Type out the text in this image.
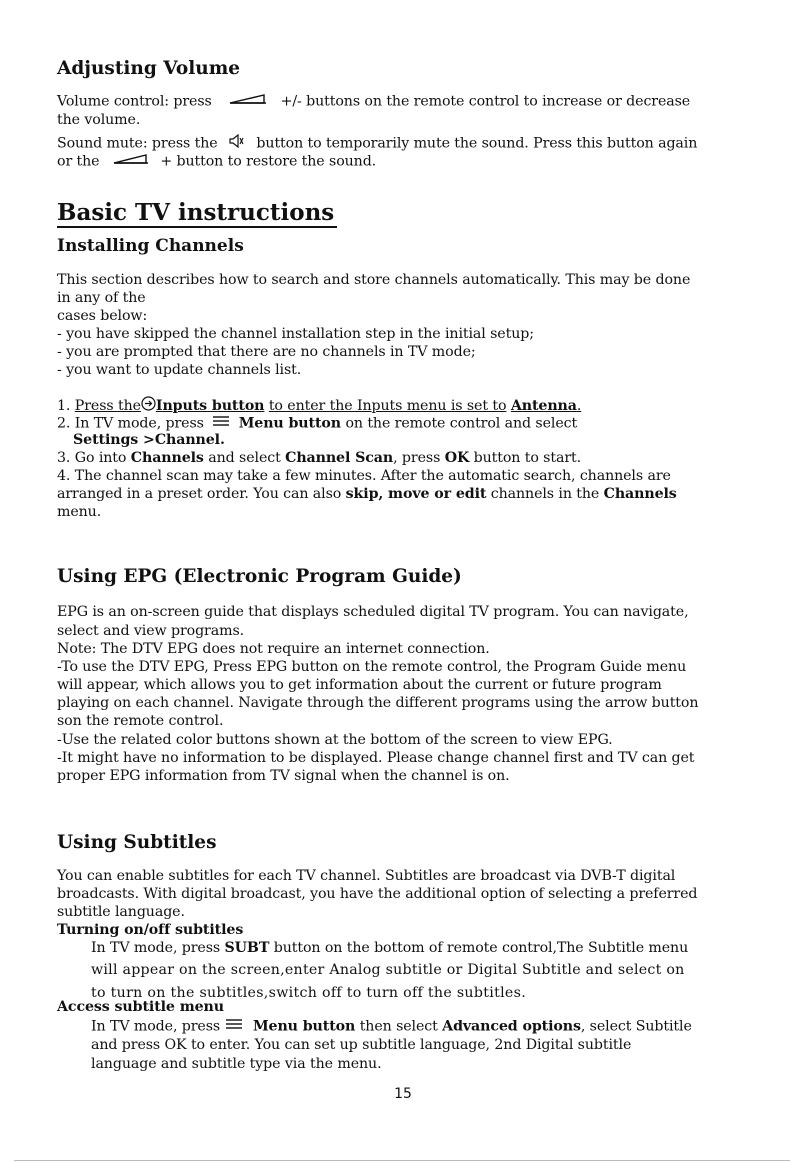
Adjusting Volume
Volume control: press	+/- buttons on the remote control to increase or decrease
the volume.
Sound mute: press the	button to temporarily mute the sound. Press this button again
or the	+ button to restore the sound.
Basic TV instructions
Installing Channels
This section describes how to search and store channels automatically. This may be done
in any of the
cases below:
- you have skipped the channel installation step in the initial setup;
- you are prompted that there are no channels in TV mode;
- you want to update channels list.
1. Press the Inputs button to enter the Inputs menu is set to Antenna.
2. In TV mode, press Menu button on the remote control and select
Settings >Channel.
3. Go into Channels and select Channel Scan, press OK button to start.
4. The channel scan may take a few minutes. After the automatic search, channels are
arranged in a preset order. You can also skip, move or edit channels in the Channels
menu.
Using EPG (Electronic Program Guide)
EPG is an on-screen guide that displays scheduled digital TV program. You can navigate,
select and view programs.
Note: The DTV EPG does not require an internet connection.
-To use the DTV EPG, Press EPG button on the remote control, the Program Guide menu
will appear, which allows you to get information about the current or future program
playing on each channel. Navigate through the different programs using the arrow button
son the remote control.
-Use the related color buttons shown at the bottom of the screen to view EPG.
-It might have no information to be displayed. Please change channel first and TV can get
proper EPG information from TV signal when the channel is on.
Using Subtitles
You can enable subtitles for each TV channel. Subtitles are broadcast via DVB-T digital
broadcasts. With digital broadcast, you have the additional option of selecting a preferred
subtitle language.
Turning on/off subtitles
In TV mode, press SUBT button on the bottom of remote control,The Subtitle menu
will appear on the screen,enter Analog subtitle or Digital Subtitle and select on
to turn on the subtitles,switch off to turn off the subtitles.
Access subtitle menu
In TV mode, press Menu button then select Advanced options, select Subtitle
and press OK to enter. You can set up subtitle language, 2nd Digital subtitle
language and subtitle type via the menu.
15
